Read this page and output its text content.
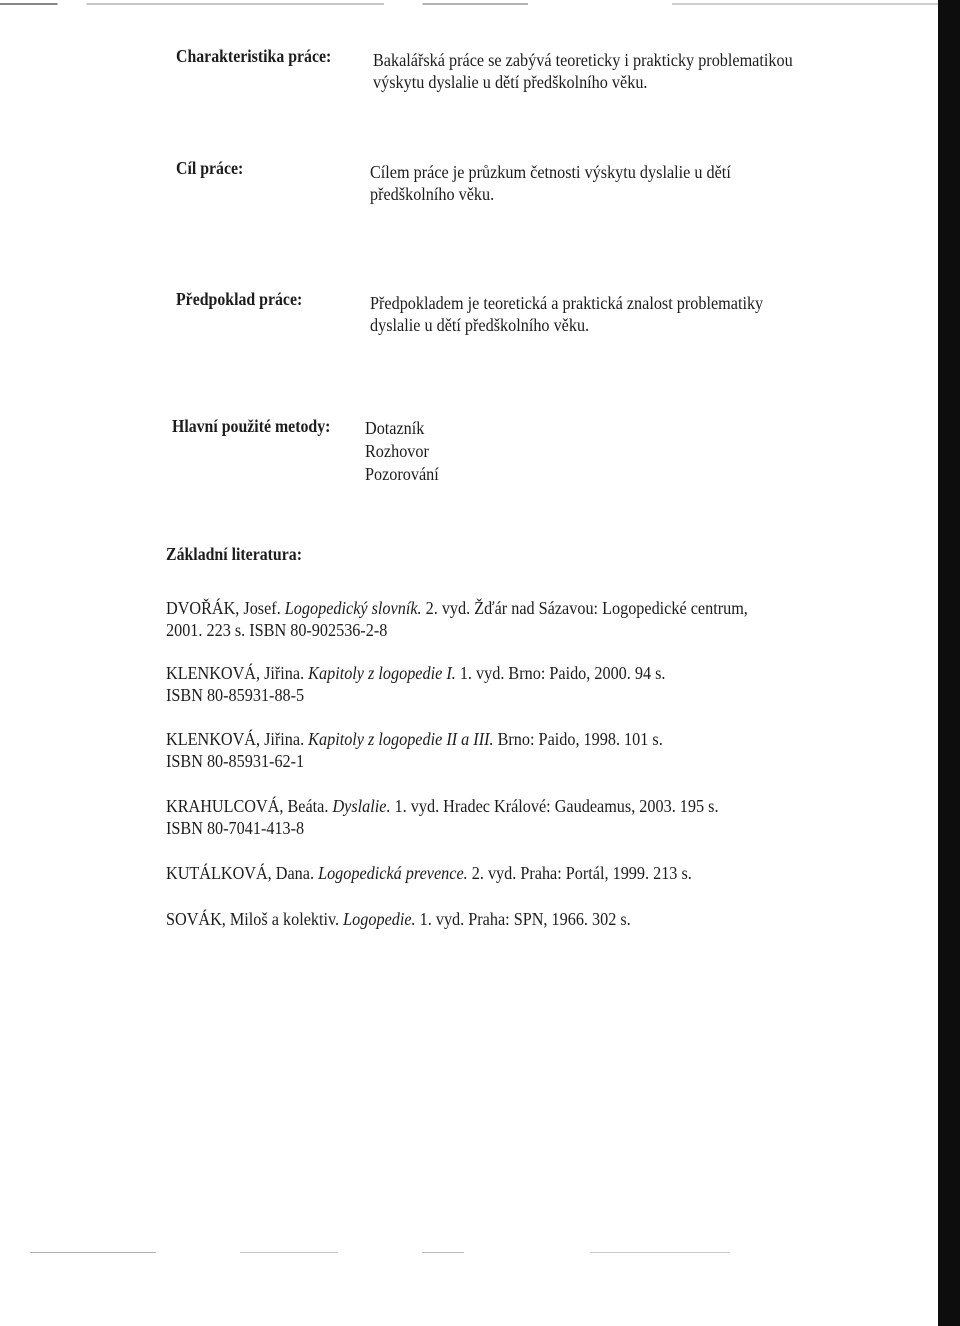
Charakteristika práce: Bakalářská práce se zabývá teoreticky i prakticky problematikou
výskytu dyslalie u dětí předškolního věku.
Cíl práce:	Cílem práce je průzkum četnosti výskytu dyslalie u dětí
předškolního věku.
Předpoklad práce:	Předpokladem je teoretická a praktická znalost problematiky
dyslalie u dětí předškolního věku.
Hlavní použité metody: Dotazník
Rozhovor
Pozorování
Základní literatura:
DVOŘÁK, Josef. Logopedický slovník. 2. vyd. Žďár nad Sázavou: Logopedické centrum,
2001. 223 s. ISBN 80-902536-2-8
KLENKOVÁ, Jiřina. Kapitoly z logopedie I. 1. vyd. Brno: Paido, 2000. 94 s.
ISBN 80-85931-88-5
KLENKOVÁ, Jiřina. Kapitoly z logopedie II a III. Brno: Paido, 1998. 101 s.
ISBN 80-85931-62-1
KRAHULCOVÁ, Beáta. Dyslalie. 1. vyd. Hradec Králové: Gaudeamus, 2003. 195 s.
ISBN 80-7041-413-8
KUTÁLKOVÁ, Dana. Logopedická prevence. 2. vyd. Praha: Portál, 1999. 213 s.
SOVÁK, Miloš a kolektiv. Logopedie. 1. vyd. Praha: SPN, 1966. 302 s.
